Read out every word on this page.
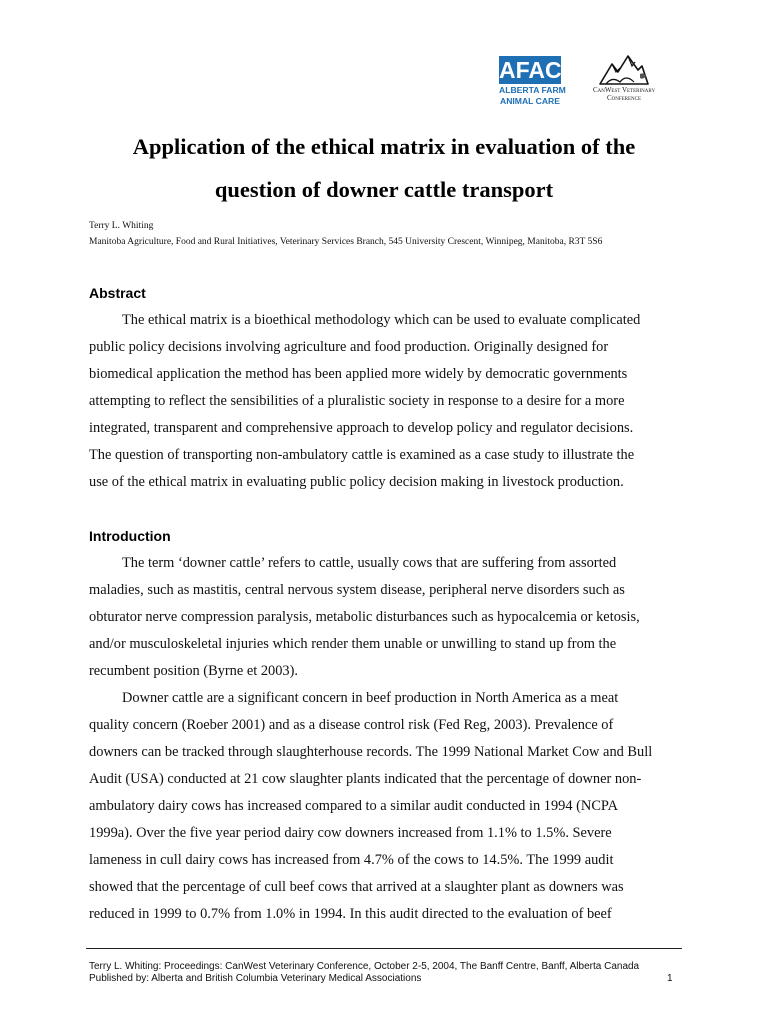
AFAC
ALBERTA FARM
ANIMAL CARE
CanWest Veterinary
Conference
Application of the ethical matrix in evaluation of the
question of downer cattle transport
Terry L. Whiting
Manitoba Agriculture, Food and Rural Initiatives, Veterinary Services Branch, 545 University Crescent, Winnipeg, Manitoba, R3T 5S6
Abstract
The ethical matrix is a bioethical methodology which can be used to evaluate complicated
public policy decisions involving agriculture and food production. Originally designed for
biomedical application the method has been applied more widely by democratic governments
attempting to reflect the sensibilities of a pluralistic society in response to a desire for a more
integrated, transparent and comprehensive approach to develop policy and regulator decisions.
The question of transporting non-ambulatory cattle is examined as a case study to illustrate the
use of the ethical matrix in evaluating public policy decision making in livestock production.
Introduction
The term ‘downer cattle’ refers to cattle, usually cows that are suffering from assorted
maladies, such as mastitis, central nervous system disease, peripheral nerve disorders such as
obturator nerve compression paralysis, metabolic disturbances such as hypocalcemia or ketosis,
and/or musculoskeletal injuries which render them unable or unwilling to stand up from the
recumbent position (Byrne et 2003).
Downer cattle are a significant concern in beef production in North America as a meat
quality concern (Roeber 2001) and as a disease control risk (Fed Reg, 2003). Prevalence of
downers can be tracked through slaughterhouse records. The 1999 National Market Cow and Bull
Audit (USA) conducted at 21 cow slaughter plants indicated that the percentage of downer non-
ambulatory dairy cows has increased compared to a similar audit conducted in 1994 (NCPA
1999a). Over the five year period dairy cow downers increased from 1.1% to 1.5%. Severe
lameness in cull dairy cows has increased from 4.7% of the cows to 14.5%. The 1999 audit
showed that the percentage of cull beef cows that arrived at a slaughter plant as downers was
reduced in 1999 to 0.7% from 1.0% in 1994. In this audit directed to the evaluation of beef
Terry L. Whiting: Proceedings: CanWest Veterinary Conference, October 2-5, 2004, The Banff Centre, Banff, Alberta Canada
Published by: Alberta and British Columbia Veterinary Medical Associations	1
